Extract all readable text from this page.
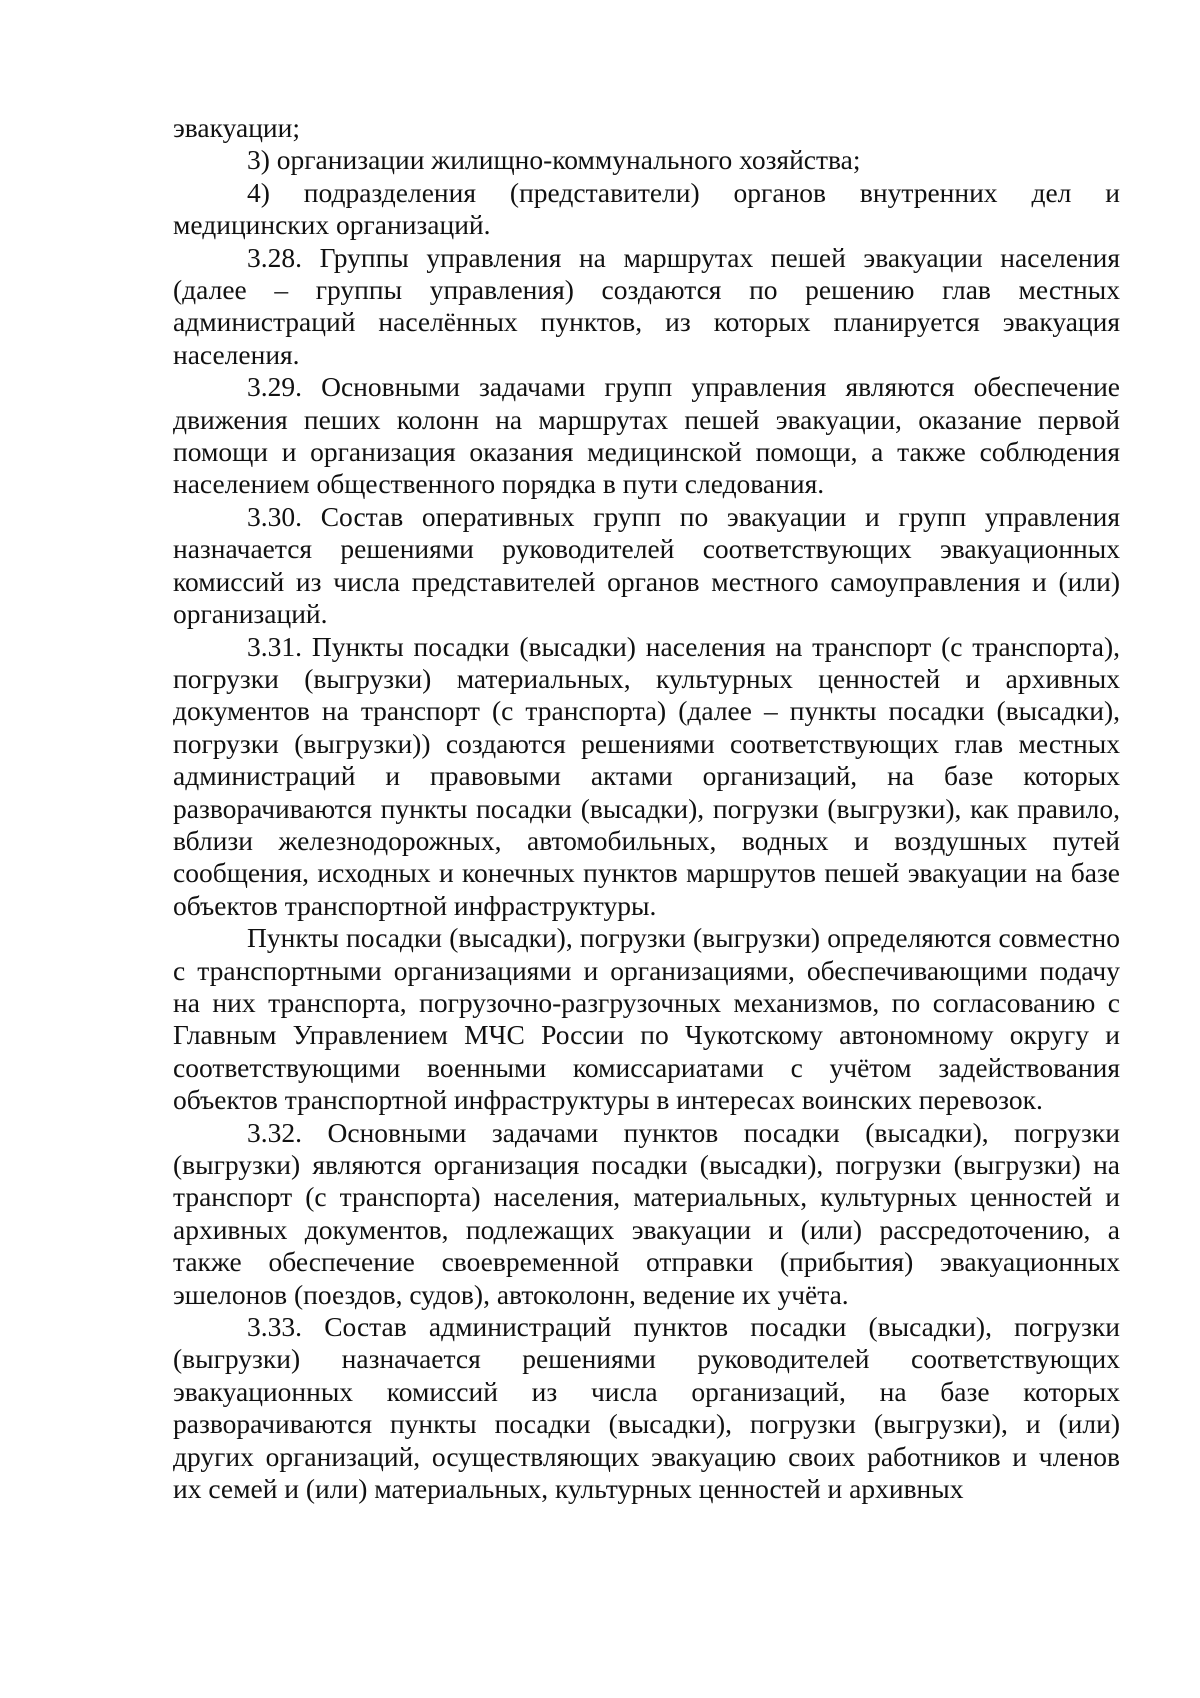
эвакуации;

3) организации жилищно-коммунального хозяйства;

4) подразделения (представители) органов внутренних дел и медицинских организаций.

3.28. Группы управления на маршрутах пешей эвакуации населения (далее – группы управления) создаются по решению глав местных администраций населённых пунктов, из которых планируется эвакуация населения.

3.29. Основными задачами групп управления являются обеспечение движения пеших колонн на маршрутах пешей эвакуации, оказание первой помощи и организация оказания медицинской помощи, а также соблюдения населением общественного порядка в пути следования.

3.30. Состав оперативных групп по эвакуации и групп управления назначается решениями руководителей соответствующих эвакуационных комиссий из числа представителей органов местного самоуправления и (или) организаций.

3.31. Пункты посадки (высадки) населения на транспорт (с транспорта), погрузки (выгрузки) материальных, культурных ценностей и архивных документов на транспорт (с транспорта) (далее – пункты посадки (высадки), погрузки (выгрузки)) создаются решениями соответствующих глав местных администраций и правовыми актами организаций, на базе которых разворачиваются пункты посадки (высадки), погрузки (выгрузки), как правило, вблизи железнодорожных, автомобильных, водных и воздушных путей сообщения, исходных и конечных пунктов маршрутов пешей эвакуации на базе объектов транспортной инфраструктуры.

Пункты посадки (высадки), погрузки (выгрузки) определяются совместно с транспортными организациями и организациями, обеспечивающими подачу на них транспорта, погрузочно-разгрузочных механизмов, по согласованию с Главным Управлением МЧС России по Чукотскому автономному округу и соответствующими военными комиссариатами с учётом задействования объектов транспортной инфраструктуры в интересах воинских перевозок.

3.32. Основными задачами пунктов посадки (высадки), погрузки (выгрузки) являются организация посадки (высадки), погрузки (выгрузки) на транспорт (с транспорта) населения, материальных, культурных ценностей и архивных документов, подлежащих эвакуации и (или) рассредоточению, а также обеспечение своевременной отправки (прибытия) эвакуационных эшелонов (поездов, судов), автоколонн, ведение их учёта.

3.33. Состав администраций пунктов посадки (высадки), погрузки (выгрузки) назначается решениями руководителей соответствующих эвакуационных комиссий из числа организаций, на базе которых разворачиваются пункты посадки (высадки), погрузки (выгрузки), и (или) других организаций, осуществляющих эвакуацию своих работников и членов их семей и (или) материальных, культурных ценностей и архивных
